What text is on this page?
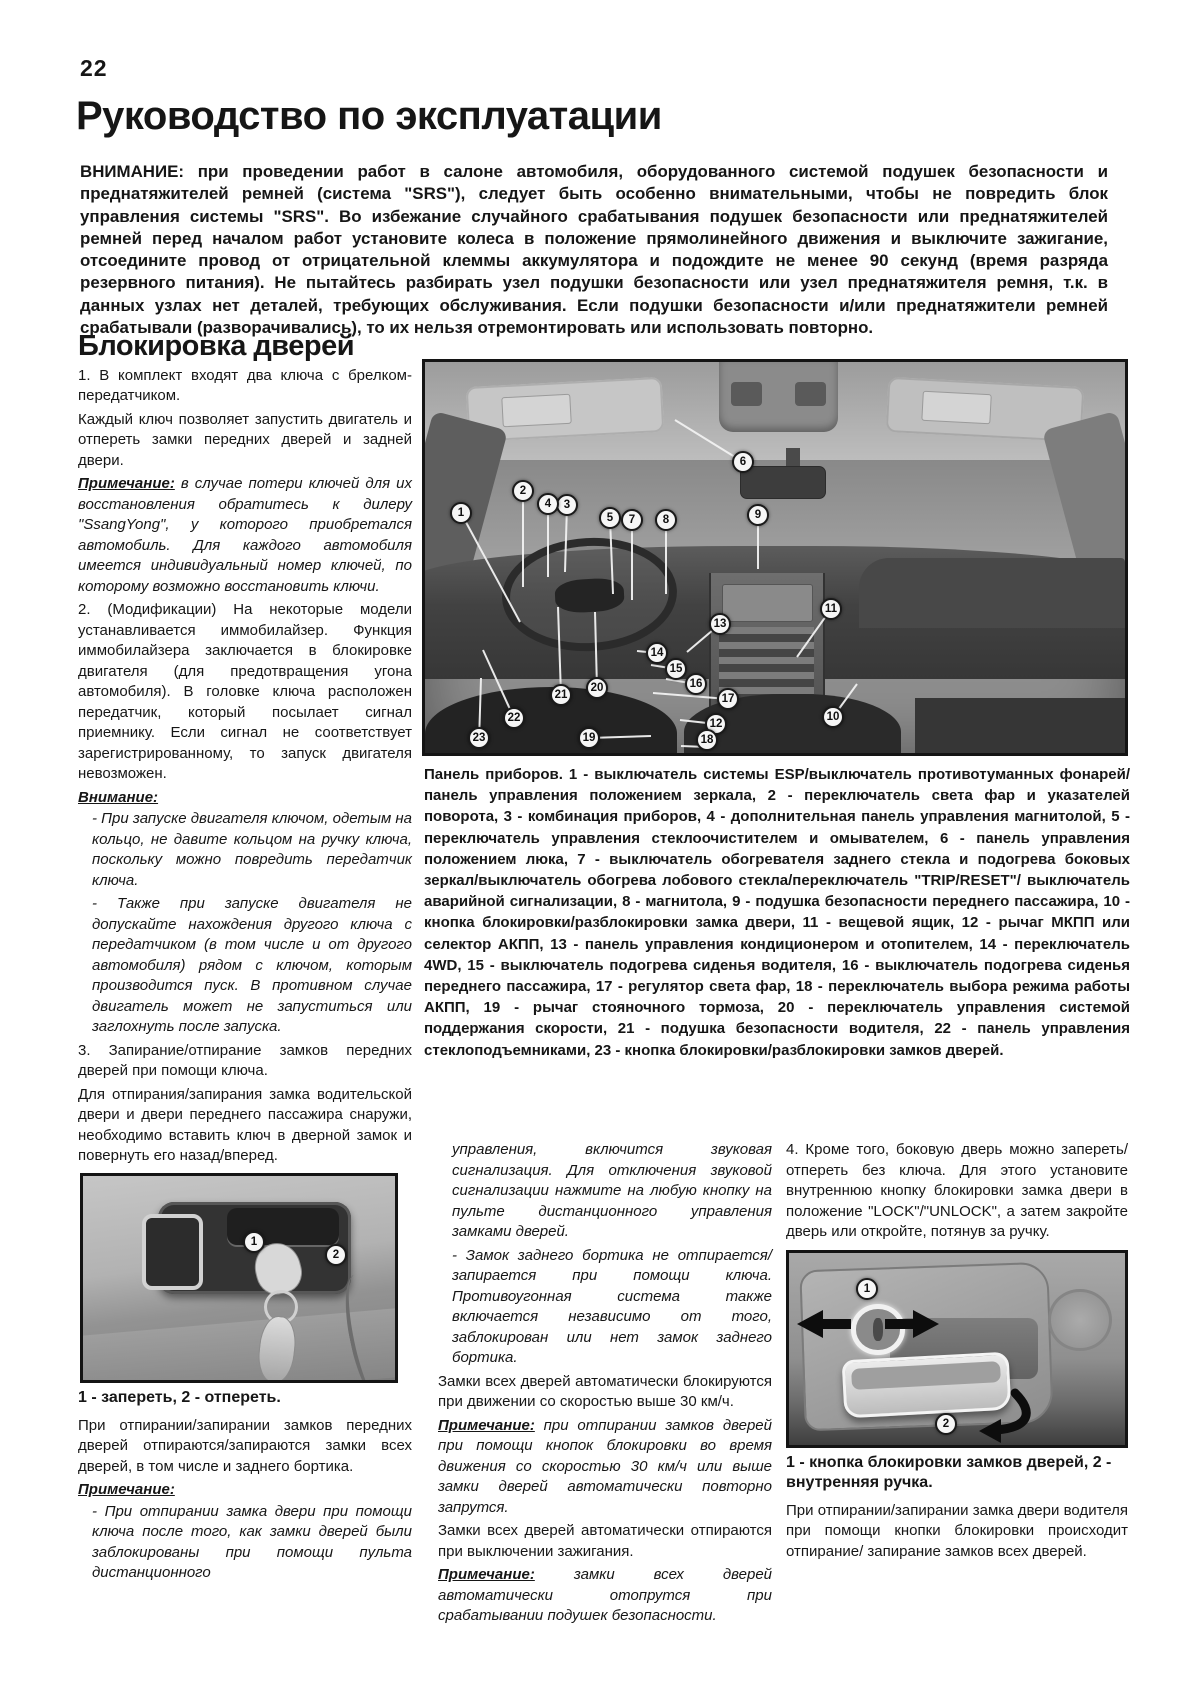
22
Руководство по эксплуатации
ВНИМАНИЕ: при проведении работ в салоне автомобиля, оборудованного системой подушек безопасности и преднатяжителей ремней (система "SRS"), следует быть особенно внимательными, чтобы не повредить блок управления системы "SRS". Во избежание случайного срабатывания подушек безопасности или преднатяжителей ремней перед началом работ установите колеса в положение прямолинейного движения и выключите зажигание, отсоедините провод от отрицательной клеммы аккумулятора и подождите не менее 90 секунд (время разряда резервного питания). Не пытайтесь разбирать узел подушки безопасности или узел преднатяжителя ремня, т.к. в данных узлах нет деталей, требующих обслуживания. Если подушки безопасности и/или преднатяжители ремней срабатывали (разворачивались), то их нельзя отремонтировать или использовать повторно.
Блокировка дверей

1. В комплект входят два ключа с брелком-передатчиком.

Каждый ключ позволяет запустить двигатель и отпереть замки передних дверей и задней двери.

Примечание: в случае потери ключей для их восстановления обратитесь к дилеру "SsangYong", у которого приобретался автомобиль. Для каждого автомобиля имеется индивидуальный номер ключей, по которому возможно восстановить ключи.

2. (Модификации) На некоторые модели устанавливается иммобилайзер. Функция иммобилайзера заключается в блокировке двигателя (для предотвращения угона автомобиля). В головке ключа расположен передатчик, который посылает сигнал приемнику. Если сигнал не соответствует зарегистрированному, то запуск двигателя невозможен.

Внимание:

- При запуске двигателя ключом, одетым на кольцо, не давите кольцом на ручку ключа, поскольку можно повредить передатчик ключа.

- Также при запуске двигателя не допускайте нахождения другого ключа с передатчиком (в том числе и от другого автомобиля) рядом с ключом, которым производится пуск. В противном случае двигатель может не запуститься или заглохнуть после запуска.

3. Запирание/отпирание замков передних дверей при помощи ключа.

Для отпирания/запирания замка водительской двери и двери переднего пассажира снаружи, необходимо вставить ключ в дверной замок и повернуть его назад/вперед.

1
2
1 - запереть, 2 - отпереть.

При отпирании/запирании замков передних дверей отпираются/запираются замки всех дверей, в том числе и заднего бортика.

Примечание:

- При отпирании замка двери при помощи ключа после того, как замки дверей были заблокированы при помощи пульта дистанционного

1
2
3
4
5
6
7	8	9
10
11
12
13
14
15
16
17
18
19
20
21
22
23
Панель приборов. 1 - выключатель системы ESP/выключатель противотуманных фонарей/панель управления положением зеркала, 2 - переключатель света фар и указателей поворота, 3 - комбинация приборов, 4 - дополнительная панель управления магнитолой, 5 - переключатель управления стеклоочистителем и омывателем, 6 - панель управления положением люка, 7 - выключатель обогревателя заднего стекла и подогрева боковых зеркал/выключатель обогрева лобового стекла/переключатель "TRIP/RESET"/ выключатель аварийной сигнализации, 8 - магнитола, 9 - подушка безопасности переднего пассажира, 10 - кнопка блокировки/разблокировки замка двери, 11 - вещевой ящик, 12 - рычаг МКПП или селектор АКПП, 13 - панель управления кондиционером и отопителем, 14 - переключатель 4WD, 15 - выключатель подогрева сиденья водителя, 16 - выключатель подогрева сиденья переднего пассажира, 17 - регулятор света фар, 18 - переключатель выбора режима работы АКПП, 19 - рычаг стояночного тормоза, 20 - переключатель управления системой поддержания скорости, 21 - подушка безопасности водителя, 22 - панель управления стеклоподъемниками, 23 - кнопка блокировки/разблокировки замков дверей.

управления, включится звуковая сигнализация. Для отключения звуковой сигнализации нажмите на любую кнопку на пульте дистанционного управления замками дверей.

- Замок заднего бортика не отпирается/запирается при помощи ключа. Противоугонная система также включается независимо от того, заблокирован или нет замок заднего бортика.

Замки всех дверей автоматически блокируются при движении со скоростью выше 30 км/ч.

Примечание: при отпирании замков дверей при помощи кнопок блокировки во время движения со скоростью 30 км/ч или выше замки дверей автоматически повторно запрутся.

Замки всех дверей автоматически отпираются при выключении зажигания.

Примечание: замки всех дверей автоматически отопрутся при срабатывании подушек безопасности.

4. Кроме того, боковую дверь можно запереть/отпереть без ключа. Для этого установите внутреннюю кнопку блокировки замка двери в положение "LOCK"/"UNLOCK", а затем закройте дверь или откройте, потянув за ручку.

1
2
1 - кнопка блокировки замков дверей, 2 - внутренняя ручка.

При отпирании/запирании замка двери водителя при помощи кнопки блокировки происходит отпирание/ запирание замков всех дверей.
